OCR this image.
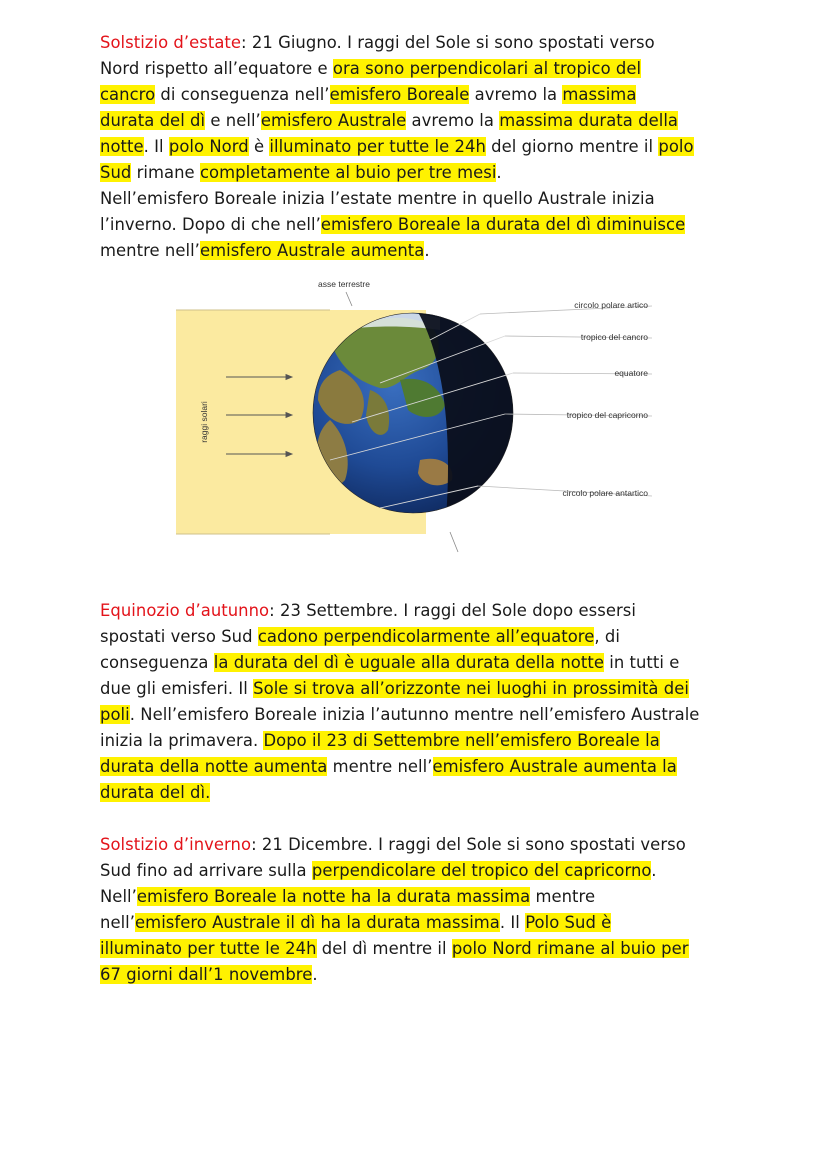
Solstizio d’estate: 21 Giugno. I raggi del Sole si sono spostati verso
Nord rispetto all’equatore e ora sono perpendicolari al tropico del
cancro di conseguenza nell’emisfero Boreale avremo la massima
durata del dì e nell’emisfero Australe avremo la massima durata della
notte. Il polo Nord è illuminato per tutte le 24h del giorno mentre il polo
Sud rimane completamente al buio per tre mesi.
Nell’emisfero Boreale inizia l’estate mentre in quello Australe inizia
l’inverno. Dopo di che nell’emisfero Boreale la durata del dì diminuisce
mentre nell’emisfero Australe aumenta.
asse terrestre
raggi solari
circolo polare artico
tropico del cancro
equatore
tropico del capricorno
circolo polare antartico
Equinozio d’autunno: 23 Settembre. I raggi del Sole dopo essersi
spostati verso Sud cadono perpendicolarmente all’equatore, di
conseguenza la durata del dì è uguale alla durata della notte in tutti e
due gli emisferi. Il Sole si trova all’orizzonte nei luoghi in prossimità dei
poli. Nell’emisfero Boreale inizia l’autunno mentre nell’emisfero Australe
inizia la primavera. Dopo il 23 di Settembre nell’emisfero Boreale la
durata della notte aumenta mentre nell’emisfero Australe aumenta la
durata del dì.
Solstizio d’inverno: 21 Dicembre. I raggi del Sole si sono spostati verso
Sud fino ad arrivare sulla perpendicolare del tropico del capricorno.
Nell’emisfero Boreale la notte ha la durata massima mentre
nell’emisfero Australe il dì ha la durata massima. Il Polo Sud è
illuminato per tutte le 24h del dì mentre il polo Nord rimane al buio per
67 giorni dall’1 novembre.
